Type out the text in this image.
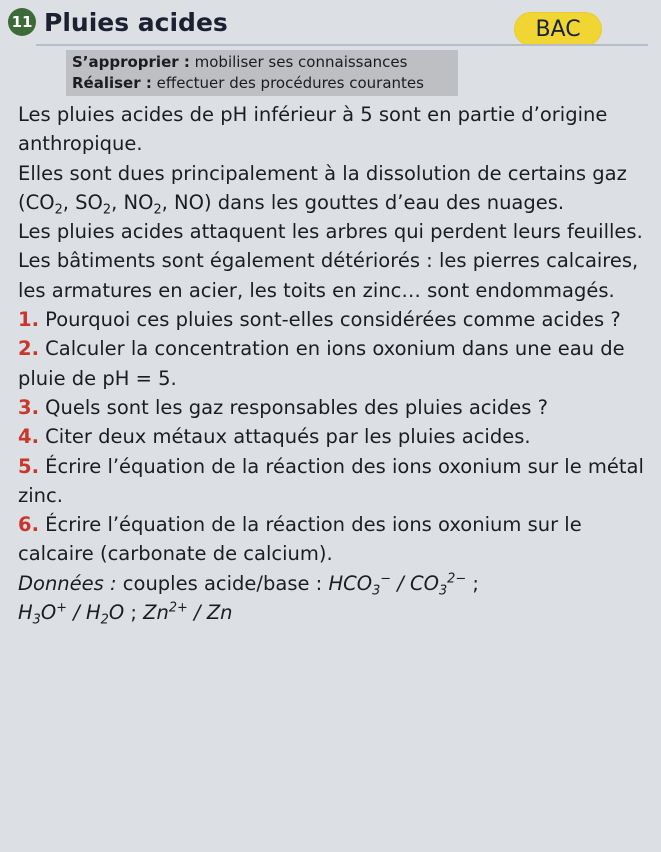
11 Pluies acides	BAC
S’approprier : mobiliser ses connaissances
Réaliser : effectuer des procédures courantes

Les pluies acides de pH inférieur à 5 sont en partie d’origine anthropique.

Elles sont dues principalement à la dissolution de certains gaz ($CO_2$, $SO_2$, $NO_2$, NO) dans les gouttes d’eau des nuages.

Les pluies acides attaquent les arbres qui perdent leurs feuilles. Les bâtiments sont également détériorés : les pierres calcaires, les armatures en acier, les toits en zinc… sont endommagés.

1. Pourquoi ces pluies sont-elles considérées comme acides ?

2. Calculer la concentration en ions oxonium dans une eau de pluie de pH = 5.

3. Quels sont les gaz responsables des pluies acides ?

4. Citer deux métaux attaqués par les pluies acides.

5. Écrire l’équation de la réaction des ions oxonium sur le métal zinc.

6. Écrire l’équation de la réaction des ions oxonium sur le calcaire (carbonate de calcium).

Données : couples acide/base : $HCO_3^- / CO_3^{2-}$ ;
$H_3O^+ / H_2O$ ; $Zn^{2+}$ / Zn
